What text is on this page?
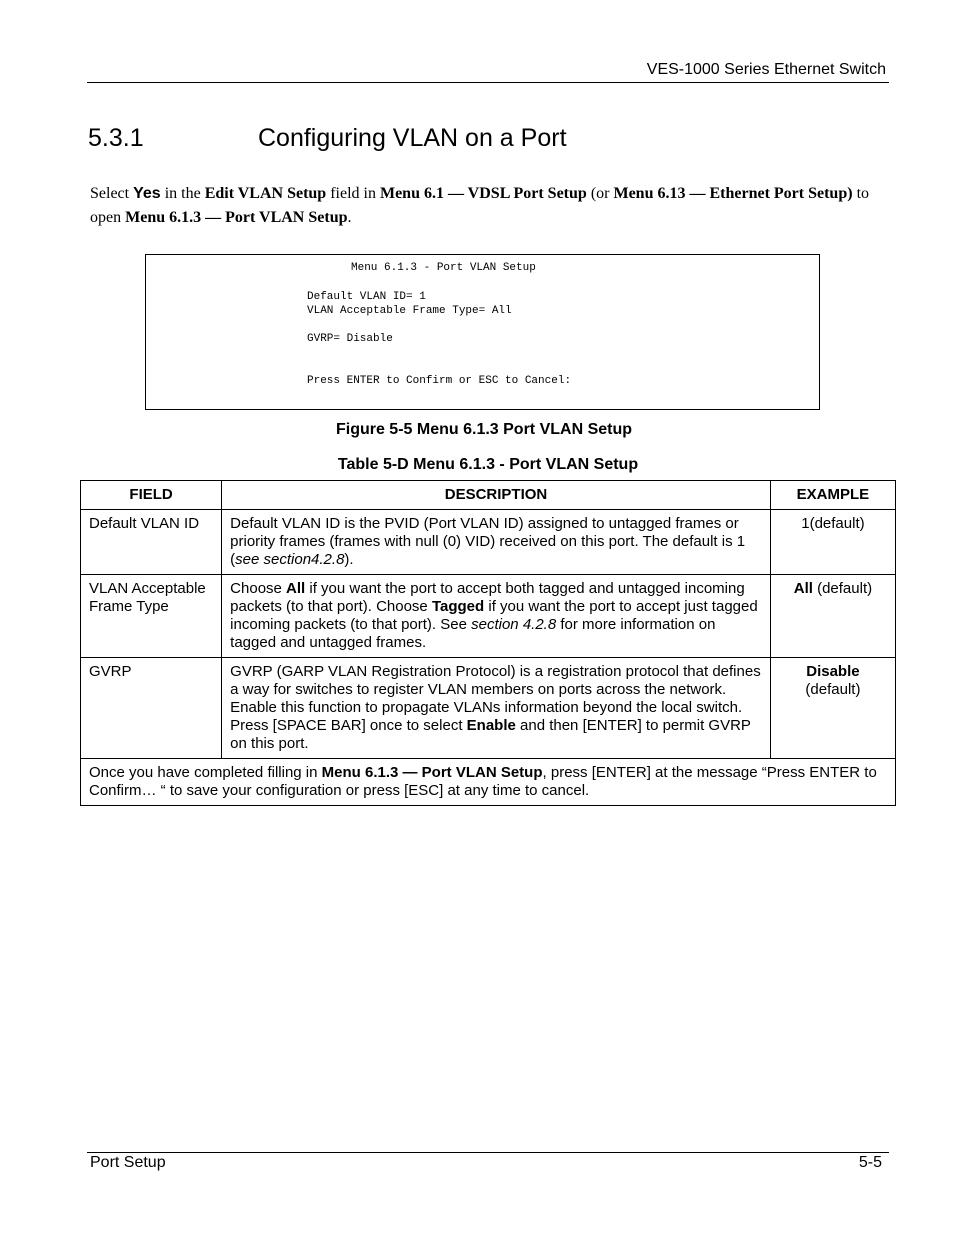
VES-1000 Series Ethernet Switch
5.3.1	Configuring VLAN on a Port
Select Yes in the Edit VLAN Setup field in Menu 6.1 — VDSL Port Setup (or Menu 6.13 — Ethernet Port Setup) to open Menu 6.1.3 — Port VLAN Setup.
Menu 6.1.3 - Port VLAN Setup
Default VLAN ID= 1
VLAN Acceptable Frame Type= All
GVRP= Disable
Press ENTER to Confirm or ESC to Cancel:
Figure 5-5 Menu 6.1.3 Port VLAN Setup
Table 5-D Menu 6.1.3 - Port VLAN Setup
FIELD	DESCRIPTION	EXAMPLE
Default VLAN ID	Default VLAN ID is the PVID (Port VLAN ID) assigned to untagged frames or priority frames (frames with null (0) VID) received on this port. The default is 1 (see section4.2.8).	1(default)
VLAN Acceptable Frame Type	Choose All if you want the port to accept both tagged and untagged incoming packets (to that port). Choose Tagged if you want the port to accept just tagged incoming packets (to that port). See section 4.2.8 for more information on tagged and untagged frames.	All (default)
GVRP	GVRP (GARP VLAN Registration Protocol) is a registration protocol that defines a way for switches to register VLAN members on ports across the network. Enable this function to propagate VLANs information beyond the local switch. Press [SPACE BAR] once to select Enable and then [ENTER] to permit GVRP on this port.	Disable
(default)
Once you have completed filling in Menu 6.1.3 — Port VLAN Setup, press [ENTER] at the message “Press ENTER to Confirm… “ to save your configuration or press [ESC] at any time to cancel.		
Port Setup	5-5
